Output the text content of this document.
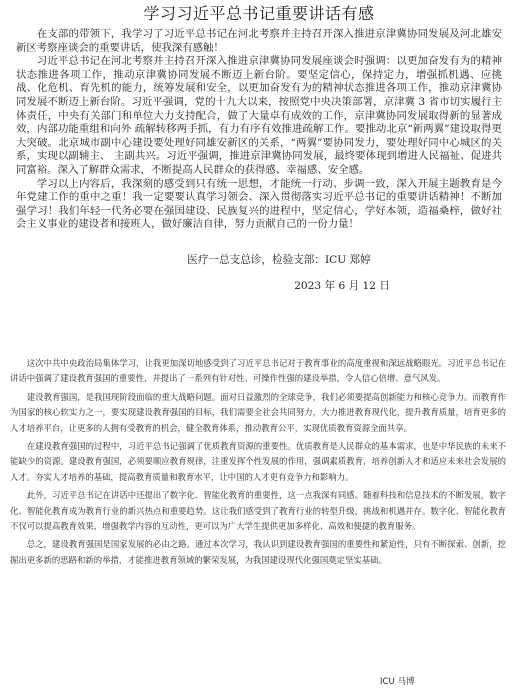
学习习近平总书记重要讲话有感

在支部的带领下，我学习了习近平总书记在河北考察并主持召开深入推进京津冀协同发展及河北雄安新区考察座谈会的重要讲话，使我深有感触！

习近平总书记在河北考察并主持召开深入推进京津冀协同发展座谈会时强调：以更加奋发有为的精神状态推进各项工作，推动京津冀协同发展不断迈上新台阶。要坚定信心，保持定力，增强抓机遇、应挑战、化危机、育先机的能力，统筹发展和安全，以更加奋发有为的精神状态推进各项工作，推动京津冀协同发展不断迈上新台阶。习近平强调，党的十九大以来，按照党中央决策部署，京津冀 3 省市切实履行主体责任，中央有关部门和单位大力支持配合，做了大量卓有成效的工作，京津冀协同发展取得新的显著成效，内部功能重组和向外 疏解转移两手抓，有力有序有效推进疏解工作。要推动北京“新两翼”建设取得更大突破。北京城市副中心建设要处理好同雄安新区的关系，“两翼”要协同发力，要处理好同中心城区的关系，实现以副辅主、 主副共兴。习近平强调，推进京津冀协同发展，最终要体现到增进人民福祉、促进共同富裕。深入了解群众需求，不断提高人民群众的获得感、幸福感、安全感。

学习以上内容后，我深刻的感受到只有统一思想，才能统一行动、步调一致，深入开展主题教育是今年党建工作的重中之重！我一定要要认真学习领会、深入贯彻落实习近平总书记的重要讲话精神！不断加强学习！我们年轻一代务必要在强国建设、民族复兴的进程中，坚定信心，学好本领，造福桑梓，做好社会主义事业的建设者和接班人，做好廉洁自律，努力贡献自己的一份力量！

医疗一总支总诊，检验支部：ICU 郑婷
2023 年 6 月 12 日

这次中共中央政治局集体学习，让我更加深切地感受到了习近平总书记对于教育事业的高度重视和深远战略眼光。习近平总书记在讲话中强调了建设教育强国的重要性，并提出了一系列有针对性、可操作性强的建设举措，令人信心倍增、意气风发。

建设教育强国，是我国现阶段面临的重大战略问题。面对日益激烈的全球竞争，我们必须要提高创新能力和核心竞争力。而教育作为国家的核心软实力之一，要实现建设教育强国的目标，我们需要全社会共同努力，大力推进教育现代化，提升教育质量，培育更多的人才培养平台，让更多的人拥有受教育的机会，健全教育体系，推动教育公平，实现优质教育资源全面共享。

在建设教育强国的过程中，习近平总书记强调了优质教育资源的重要性。优质教育是人民群众的基本需求，也是中华民族的未来不能缺少的资源。建设教育强国，必须要顺应教育规律，注重发挥个性发展的作用，强调素质教育，培养创新人才和适应未来社会发展的人才。夯实人才培养的基础，提高教育质量和教育水平，让中国的人才更有竞争力和影响力。

此外，习近平总书记在讲话中还提出了数字化、智能化教育的重要性，这一点我深有同感。随着科技和信息技术的不断发展，数字化、智能化教育成为教育行业的新兴热点和重要趋势。这让我们感受到了教育行业的转型升级，挑战和机遇并存。数字化、智能化教育不仅可以提高教育效果，增强教学内容的互动性，更可以为广大学生提供更加多样化、高效和便捷的教育服务。

总之，建设教育强国是国家发展的必由之路。通过本次学习，我认识到建设教育强国的重要性和紧迫性，只有不断探索、创新，挖掘出更多新的思路和新的举措，才能推进教育领域的繁荣发展，为我国建设现代化强国奠定坚实基础。

ICU 马博
